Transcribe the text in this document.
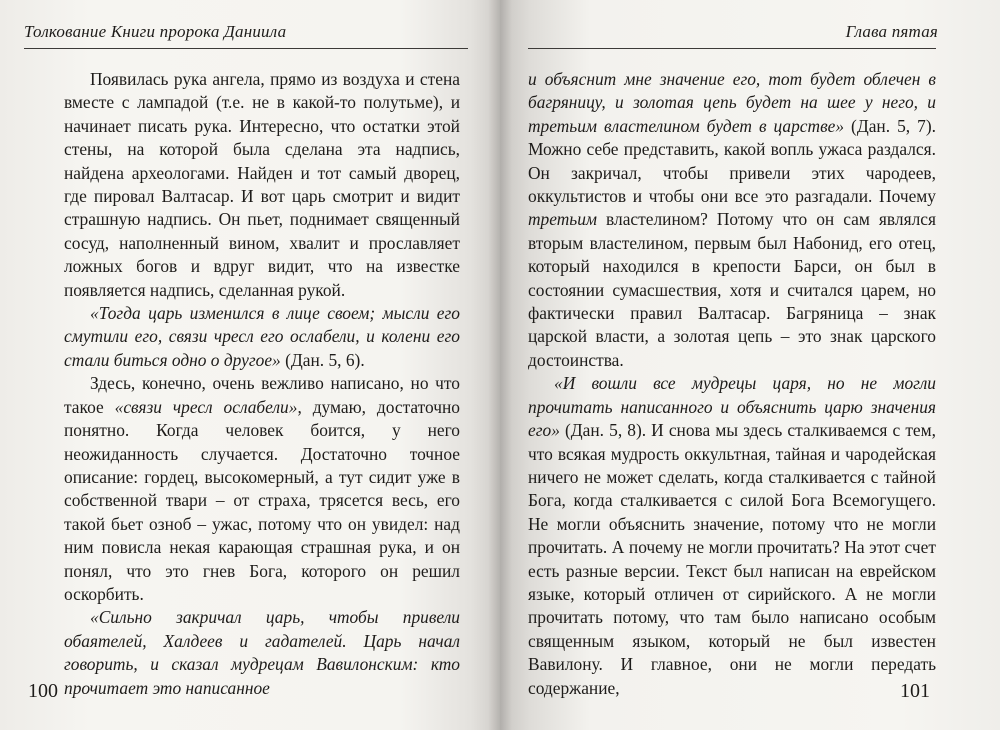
Толкование Книги пророка Даниила

Появилась рука ангела, прямо из воздуха и стена вместе с лампадой (т.е. не в какой-то полутьме), и начинает писать рука. Интересно, что остатки этой стены, на которой была сделана эта надпись, найдена археологами. Найден и тот самый дворец, где пировал Валтасар. И вот царь смотрит и видит страшную надпись. Он пьет, поднимает священный сосуд, наполненный вином, хвалит и прославляет ложных богов и вдруг видит, что на известке появляется надпись, сделанная рукой.

«Тогда царь изменился в лице своем; мысли его смутили его, связи чресл его ослабели, и колени его стали биться одно о другое» (Дан. 5, 6).

Здесь, конечно, очень вежливо написано, но что такое «связи чресл ослабели», думаю, достаточно понятно. Когда человек боится, у него неожиданность случается. Достаточно точное описание: гордец, высокомерный, а тут сидит уже в собственной твари – от страха, трясется весь, его такой бьет озноб – ужас, потому что он увидел: над ним повисла некая карающая страшная рука, и он понял, что это гнев Бога, которого он решил оскорбить.

«Сильно закричал царь, чтобы привели обаятелей, Халдеев и гадателей. Царь начал говорить, и сказал мудрецам Вавилонским: кто прочитает это написанное

100
Глава пятая

и объяснит мне значение его, тот будет облечен в багряницу, и золотая цепь будет на шее у него, и третьим властелином будет в царстве» (Дан. 5, 7). Можно себе представить, какой вопль ужаса раздался. Он закричал, чтобы привели этих чародеев, оккультистов и чтобы они все это разгадали. Почему третьим властелином? Потому что он сам являлся вторым властелином, первым был Набонид, его отец, который находился в крепости Барси, он был в состоянии сумасшествия, хотя и считался царем, но фактически правил Валтасар. Багряница – знак царской власти, а золотая цепь – это знак царского достоинства.

«И вошли все мудрецы царя, но не могли прочитать написанного и объяснить царю значения его» (Дан. 5, 8). И снова мы здесь сталкиваемся с тем, что всякая мудрость оккультная, тайная и чародейская ничего не может сделать, когда сталкивается с тайной Бога, когда сталкивается с силой Бога Всемогущего. Не могли объяснить значение, потому что не могли прочитать. А почему не могли прочитать? На этот счет есть разные версии. Текст был написан на еврейском языке, который отличен от сирийского. А не могли прочитать потому, что там было написано особым священным языком, который не был известен Вавилону. И главное, они не могли передать содержание,	101
